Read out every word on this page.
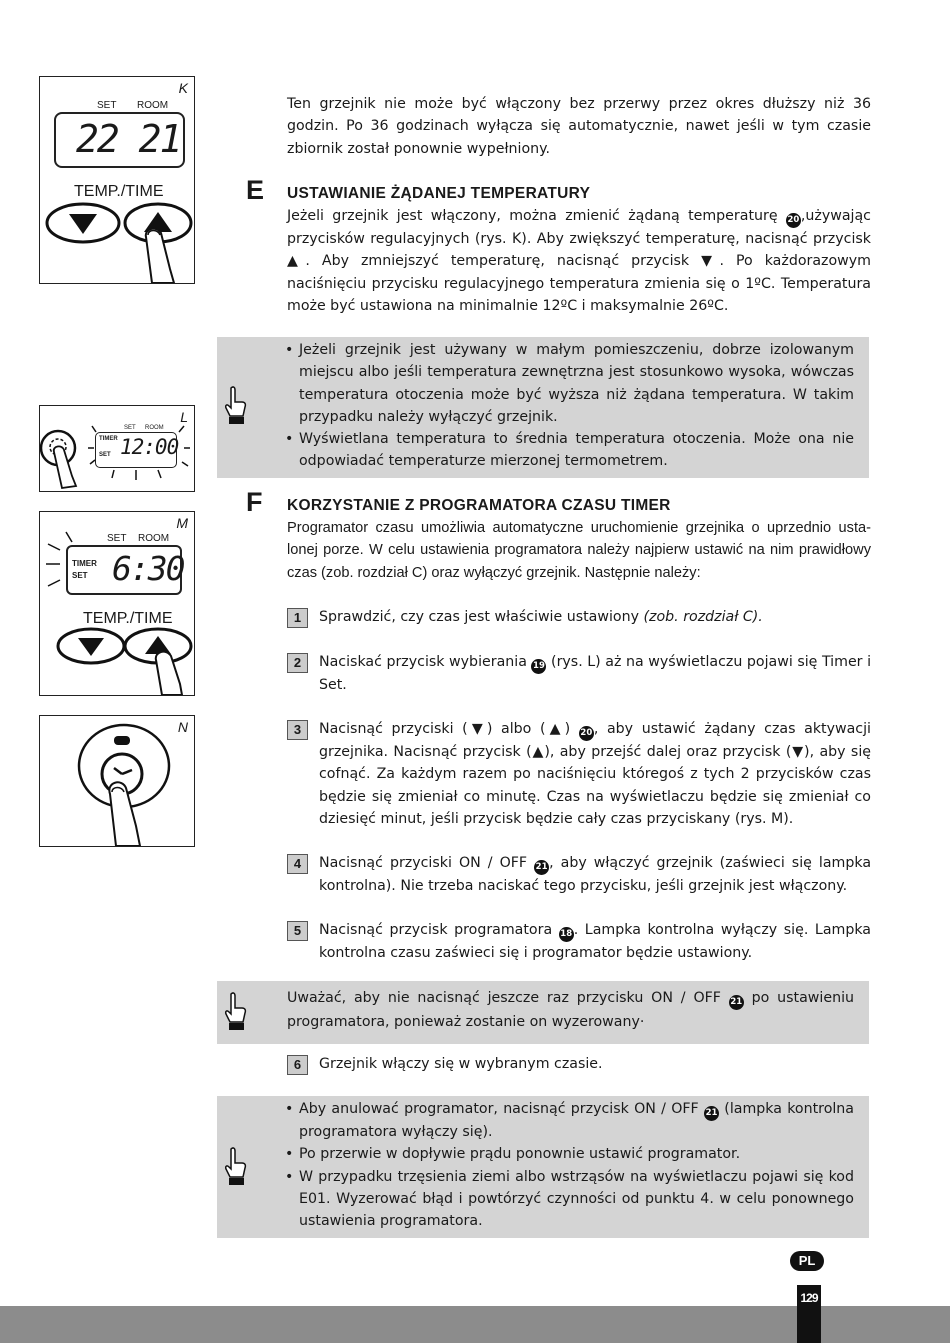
K
SET ROOM
22 21
TEMP./TIME
L
SET ROOM
TIMER
SET 12:00
M
SET ROOM
TIMER
SET 6:30
TEMP./TIME
N
Ten grzejnik nie może być włączony bez przerwy przez okres dłuższy niż 36 godzin. Po 36 godzinach wyłącza się automatycznie, nawet jeśli w tym czasie zbiornik został ponownie wypełniony.
E USTAWIANIE ŻĄDANEJ TEMPERATURY
Jeżeli grzejnik jest włączony, można zmienić żądaną temperaturę 20 ,używając przycisków regulacyjnych (rys. K). Aby zwiększyć temperaturę, nacisnąć przycisk ▲. Aby zmniejszyć temperaturę, nacisnąć przycisk ▼. Po każdorazowym naciśnięciu przycisku regulacyjnego temperatura zmienia się o 1ºC. Temperatura może być ustawiona na minimalnie 12ºC i maksymalnie 26ºC.
• Jeżeli grzejnik jest używany w małym pomieszczeniu, dobrze izolowanym miejscu albo jeśli temperatura zewnętrzna jest stosunkowo wysoka, wówczas temperatura otoczenia może być wyższa niż żądana temperatura. W takim przypadku należy wyłączyć grzejnik.
• Wyświetlana temperatura to średnia temperatura otoczenia. Może ona nie odpowiadać temperaturze mierzonej termometrem.
F KORZYSTANIE Z PROGRAMATORA CZASU TIMER
Programator czasu umożliwia automatyczne uruchomienie grzejnika o uprzednio usta-lonej porze. W celu ustawienia programatora należy najpierw ustawić na nim prawidłowy czas (zob. rozdział C) oraz wyłączyć grzejnik. Następnie należy:
1	Sprawdzić, czy czas jest właściwie ustawiony (zob. rozdział C).
2	Naciskać przycisk wybierania 19 (rys. L) aż na wyświetlaczu pojawi się Timer i Set.
3	Nacisnąć przyciski (▼) albo (▲) 20 , aby ustawić żądany czas aktywacji grzejnika. Nacisnąć przycisk (▲), aby przejść dalej oraz przycisk (▼), aby się cofnąć. Za każdym razem po naciśnięciu któregoś z tych 2 przycisków czas będzie się zmieniał co minutę. Czas na wyświetlaczu będzie się zmieniał co dziesięć minut, jeśli przycisk będzie cały czas przyciskany (rys. M).
4	Nacisnąć przyciski ON / OFF 21 , aby włączyć grzejnik (zaświeci się lampka kontrolna). Nie trzeba naciskać tego przycisku, jeśli grzejnik jest włączony.
5	Nacisnąć przycisk programatora 18 . Lampka kontrolna wyłączy się. Lampka kontrolna czasu zaświeci się i programator będzie ustawiony.
Uważać, aby nie nacisnąć jeszcze raz przycisku ON / OFF 21 po ustawieniu programatora, ponieważ zostanie on wyzerowany·
6	Grzejnik włączy się w wybranym czasie.
• Aby anulować programator, nacisnąć przycisk ON / OFF 21 (lampka kontrolna programatora wyłączy się).
• Po przerwie w dopływie prądu ponownie ustawić programator.
• W przypadku trzęsienia ziemi albo wstrząsów na wyświetlaczu pojawi się kod E01. Wyzerować błąd i powtórzyć czynności od punktu 4. w celu ponownego ustawienia programatora.
PL
129
